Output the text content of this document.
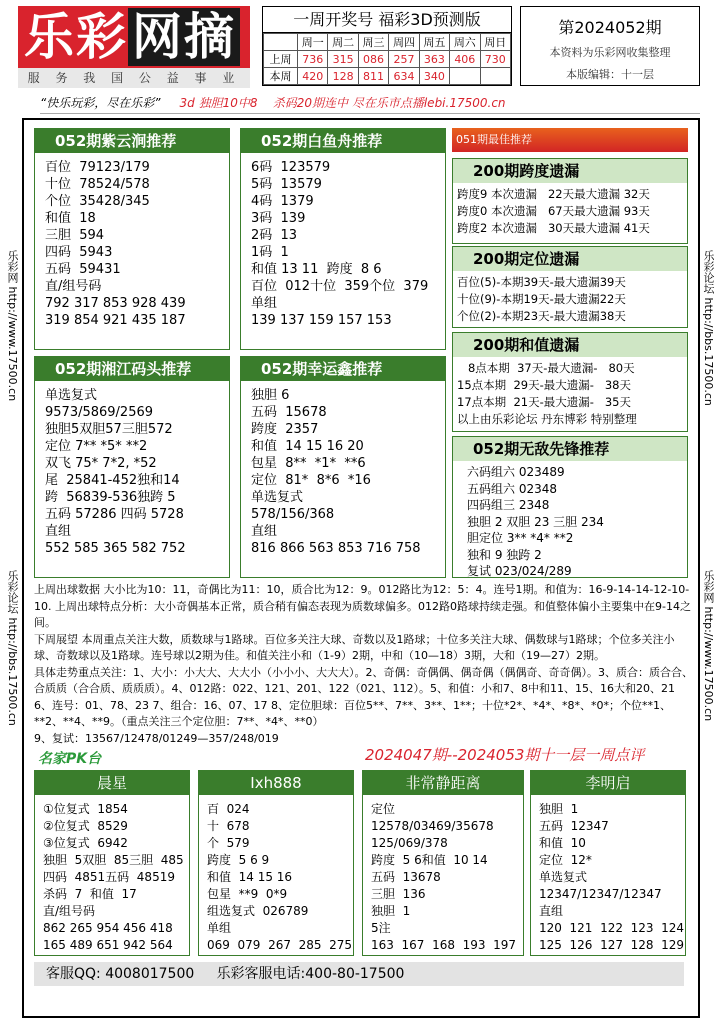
乐彩网摘
服 务 我 国 公 益 事 业
一周开奖号 福彩3D预测版
	周一	周二	周三	周四	周五	周六	周日
上周	736	315	086	257	363	406	730
本周	420	128	811	634	340		
第2024052期
本资料为乐彩网收集整理
本版编辑：十一层
“快乐玩彩，尽在乐彩” 3d 独胆10中8 杀码20期连中 尽在乐市点播lebi.17500.cn
051期最佳推荐
052期紫云涧推荐
百位  79123/179
十位  78524/578
个位  35428/345
和值  18
三胆  594
四码  5943
五码  59431
直/组号码
792 317 853 928 439
319 854 921 435 187
052期白鱼舟推荐
6码  123579
5码  13579
4码  1379
3码  139
2码  13
1码  1
和值 13 11  跨度  8 6
百位  012十位  359个位  379
单组
139 137 159 157 153
052期湘江码头推荐
单选复式
9573/5869/2569
独胆5双胆57三胆572
定位 7** *5* **2
双飞 75* 7*2, *52
尾  25841-452独和14
跨  56839-536独跨 5
五码 57286 四码 5728
直组
552 585 365 582 752
052期幸运鑫推荐
独胆 6
五码  15678
跨度  2357
和值  14 15 16 20
包星  8**  *1*  **6
定位  81*  8*6  *16
单选复式
578/156/368
直组
816 866 563 853 716 758
200期跨度遗漏
跨度9 本次遗漏   22天最大遗漏 32天
跨度0 本次遗漏   67天最大遗漏 93天
跨度2 本次遗漏   30天最大遗漏 41天
200期定位遗漏
百位(5)-本期39天-最大遗漏39天
十位(9)-本期19天-最大遗漏22天
个位(2)-本期23天-最大遗漏38天
200期和值遗漏
8点本期  37天-最大遗漏-   80天
15点本期  29天-最大遗漏-   38天
17点本期  21天-最大遗漏-   35天
以上由乐彩论坛 丹东博彩 特别整理
052期无敌先锋推荐
六码组六 023489
五码组六 02348
四码组三 2348
独胆 2 双胆 23 三胆 234
胆定位 3** *4* **2
独和 9 独跨 2
复试 023/024/289
乐彩网 http://www.17500.cn
乐彩论坛 http://bbs.17500.cn
乐彩论坛 http://bbs.17500.cn
乐彩网 http://www.17500.cn
上周出球数据 大小比为10：11，奇偶比为11：10，质合比为12：9。012路比为12：5：4。连号1期。和值为：16-9-14-14-12-10-10. 上周出球特点分析：大小奇偶基本正常，质合稍有偏态表现为质数球偏多。012路0路球持续走强。和值整体偏小主要集中在9-14之间。
下周展望 本周重点关注大数，质数球与1路球。百位多关注大球、奇数以及1路球；十位多关注大球、偶数球与1路球；个位多关注小球、奇数球以及1路球。连号球以2期为佳。和值关注小和（1-9）2期，中和（10—18）3期，大和（19—27）2期。
具体走势重点关注：1、大小：小大大、大大小（小小小、大大大）。2、奇偶：奇偶偶、偶奇偶（偶偶奇、奇奇偶）。3、质合：质合合、合质质（合合质、质质质）。4、012路：022、121、201、122（021、112）。5、和值：小和7、8中和11、15、16大和20、21 6、连号：01、78、23 7、组合：16、07、17 8、定位胆球：百位5**、7**、3**、1**；十位*2*、*4*、*8*、*0*；个位**1、**2、**4、**9。（重点关注三个定位胆：7**、*4*、**0）
9、复试：13567/12478/01249—357/248/019
名家PK台	2024047期--2024053期十一层一周点评
晨星
①位复式  1854
②位复式  8529
③位复式  6942
独胆  5双胆  85三胆  485
四码  4851五码  48519
杀码  7  和值  17
直/组号码
862 265 954 456 418
165 489 651 942 564
Ixh888
百  024
十  678
个  579
跨度  5 6 9
和值  14 15 16
包星  **9  0*9
组选复式  026789
单组
069  079  267  285  275
非常静距离
定位
12578/03469/35678
125/069/378
跨度  5 6和值  10 14
五码  13678
三胆  136
独胆  1
5注
163  167  168  193  197
李明启
独胆  1
五码  12347
和值  10
定位  12*
单选复式
12347/12347/12347
直组
120  121  122  123  124
125  126  127  128  129
客服QQ: 4008017500 乐彩客服电话:400-80-17500
